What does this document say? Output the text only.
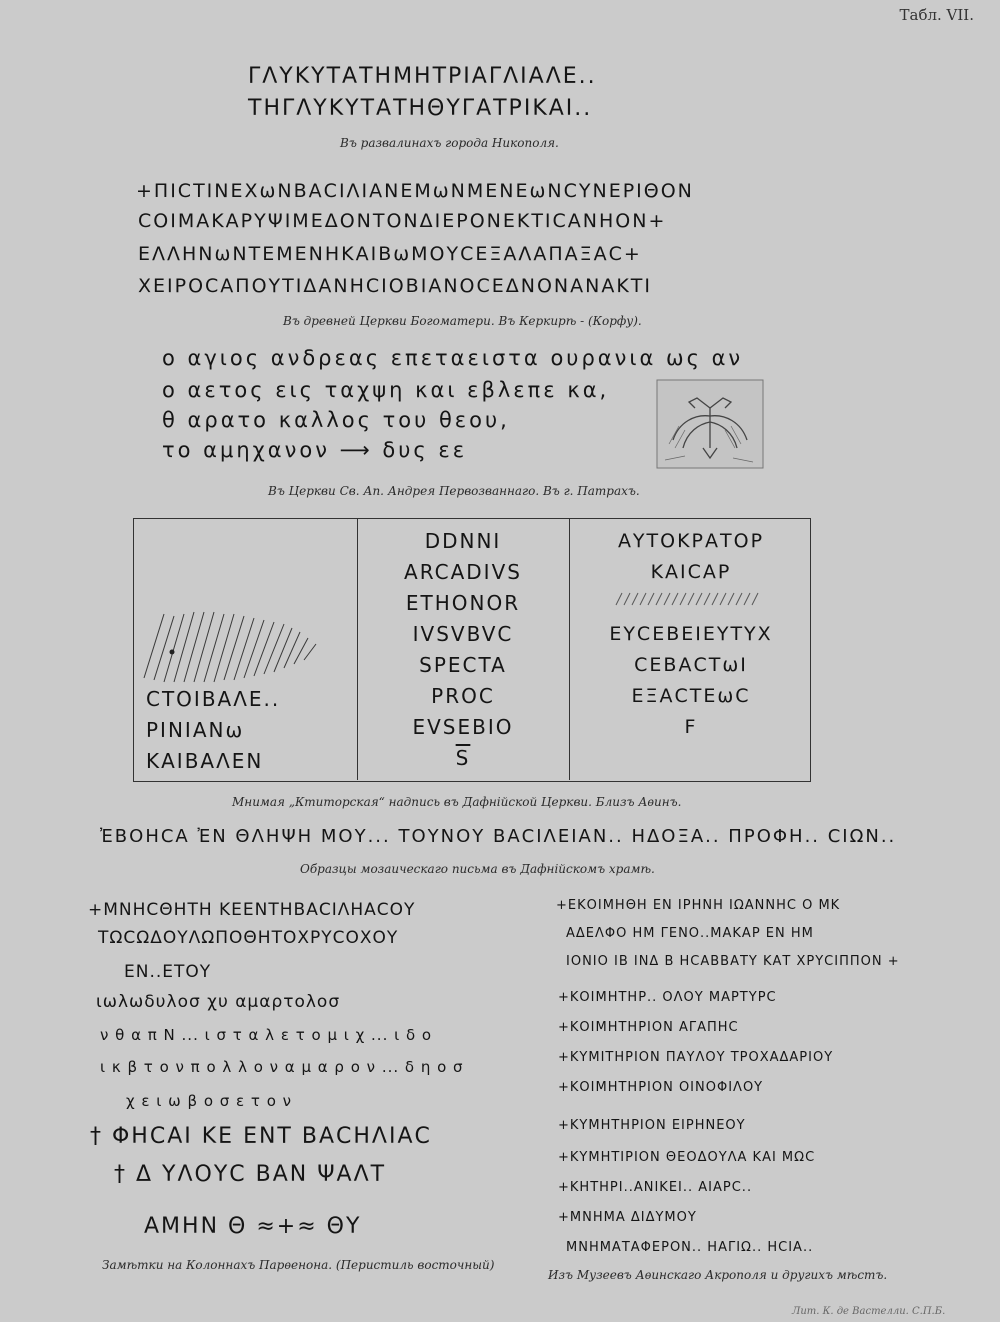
Табл. VII.
ΓΛΥΚΥΤΑΤΗΜΗΤΡΙΑΓΛΙΑΛΕ..
ΤΗΓΛΥΚΥΤΑΤΗΘΥΓΑΤΡΙΚΑΙ..
Въ развалинахъ города Никополя.
+ΠΙСΤΙΝΕΧωΝΒΑСΙΛΙΑΝΕΜωΝΜΕΝΕωΝСΥΝΕΡΙΘΟΝ
СΟΙΜΑΚΑΡΥΨΙΜΕΔΟΝΤΟΝΔΙΕΡΟΝΕΚΤΙСΑΝΗΟΝ+
ΕΛΛΗΝωΝΤΕΜΕΝΗΚΑΙΒωΜΟΥСΕΞΑΛΑΠΑΞΑС+
ΧΕΙΡΟСΑΠΟΥΤΙΔΑΝΗСΙΟΒΙΑΝΟСΕΔΝΟΝΑΝΑΚΤΙ
Въ древней Церкви Богоматери. Въ Керкирѣ - (Корфу).
ο αγιος ανδρεας επεταειστα ουρανια ως αν
ο αετος εις ταχψη και εβλεπε κα,
θ αρατο καλλος του θεου,
το αμηχανον ⟶ δυς εε
Въ Церкви Св. Ап. Андрея Первозваннаго. Въ г. Патрахъ.
CΤΟΙΒΑΛΕ..
ΡΙΝΙΑΝω
ΚΑΙΒΑΛΕΝ
DDNNI
ARCADIVS
ETHONOR
IVSVBVC
SPECTA
PROC
EVSEBIO
$\overline{S}$
ΑΥΤΟΚΡΑΤΟΡ
ΚΑΙCΑΡ
ΕΥCΕΒΕΙΕΥΤΥΧ
CΕΒΑCΤωΙ
ΕΞΑCΤΕωC
F
Мнимая „Ктиторская“ надпись въ Дафнійской Церкви. Близъ Аѳинъ.
ἘΒΟΗСΑ ἘΝ ΘΛΗΨΗ ΜΟΥ... ΤΟΥΝΟΥ ΒΑСΙΛΕΙΑΝ.. ΗΔΟΞΑ.. ΠΡΟΦΗ.. СΙΩΝ..
Образцы мозаическаго письма въ Дафнійскомъ храмѣ.
+ΜΝΗСΘΗΤΗ ΚΕΕΝΤΗΒΑСΙΛΗΑСΟΥ
ΤΩСΩΔΟΥΛΩΠΟΘΗΤΟΧΡΥСΟΧΟΥ
ΕΝ..ΕΤΟΥ
ιωλωδυλοσ χυ αμαρτολοσ
ν θ α π Ν ... ι σ τ α λ ε τ ο μ ι χ ... ι δ ο
ι κ β τ ο ν π ο λ λ ο ν α μ α ρ ο ν ... δ η ο σ
χ ε ι ω β ο σ ε τ ο ν
† ΦΗСΑΙ ΚΕ ΕΝΤ ΒΑСΗΛΙΑС
† Δ ΥΛΟΥС ΒΑΝ ΨΑΛΤ
ΑΜΗΝ Θ ≈+≈ ΘΥ
Замѣтки на Колоннахъ Парѳенона. (Перистиль восточный)
+ΕΚΟΙΜΗΘΗ ΕΝ ΙΡΗΝΗ ΙΩΑΝΝΗС Ο ΜΚ
ΑΔΕΛΦΟ ΗΜ ΓΕΝΟ..ΜΑΚΑΡ ΕΝ ΗΜ
ΙΟΝΙΟ ΙΒ ΙΝΔ Β ΗСΑΒΒΑΤΥ ΚΑΤ ΧΡΥСΙΠΠΟΝ +
+ΚΟΙΜΗΤΗΡ.. ΟΛΟΥ ΜΑΡΤΥΡС
+ΚΟΙΜΗΤΗΡΙΟΝ ΑΓΑΠΗС
+ΚΥΜΙΤΗΡΙΟΝ ΠΑΥΛΟΥ ΤΡΟΧΑΔΑΡΙΟΥ
+ΚΟΙΜΗΤΗΡΙΟΝ ΟΙΝΟΦΙΛΟΥ
+ΚΥΜΗΤΗΡΙΟΝ ΕΙΡΗΝΕΟΥ
+ΚΥΜΗΤΙΡΙΟΝ ΘΕΟΔΟΥΛΑ ΚΑΙ ΜΩС
+ΚΗΤΗΡΙ..ΑΝΙΚΕΙ.. ΑΙΑΡС..
+ΜΝΗΜΑ ΔΙΔΥΜΟΥ
ΜΝΗΜΑΤΑΦΕΡΟΝ.. ΗΑΓΙΩ.. ΗСΙΑ..
Изъ Музеевъ Аѳинскаго Акрополя и другихъ мѣстъ.
Лит. К. де Вастелли. С.П.Б.
